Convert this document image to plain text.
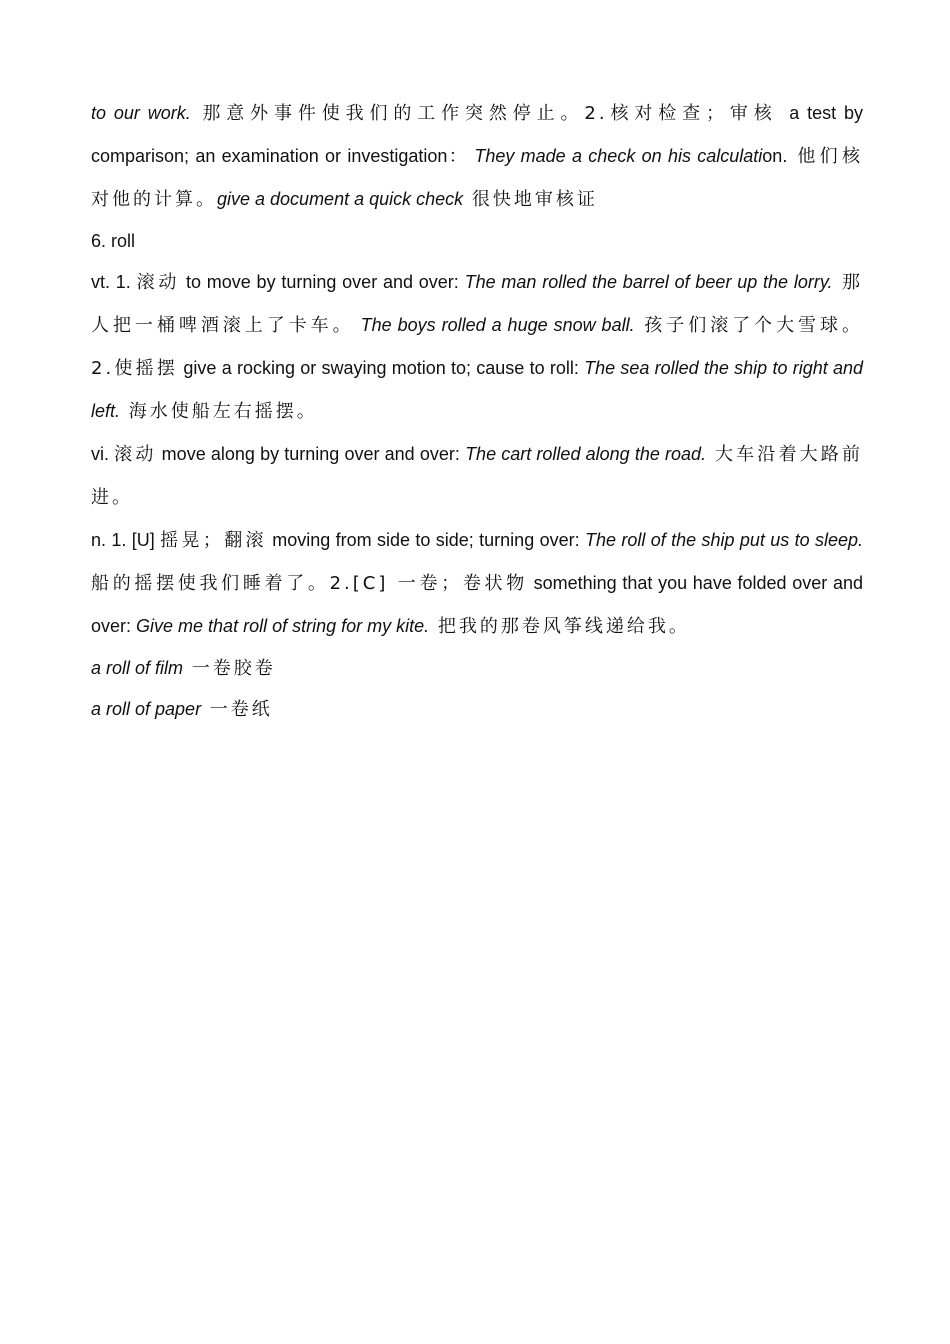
to our work. 那意外事件使我们的工作突然停止。2.核对检查；审核 a test by comparison; an examination or investigation： They made a check on his calculation. 他们核对他的计算。give a document a quick check 很快地审核证

6. roll

vt. 1. 滚动 to move by turning over and over: The man rolled the barrel of beer up the lorry. 那人把一桶啤酒滚上了卡车。 The boys rolled a huge snow ball. 孩子们滚了个大雪球。 2.使摇摆 give a rocking or swaying motion to; cause to roll: The sea rolled the ship to right and left. 海水使船左右摇摆。

vi. 滚动 move along by turning over and over: The cart rolled along the road. 大车沿着大路前进。

n. 1. [U] 摇晃；翻滚 moving from side to side; turning over: The roll of the ship put us to sleep. 船的摇摆使我们睡着了。2.[C] 一卷；卷状物 something that you have folded over and over: Give me that roll of string for my kite. 把我的那卷风筝线递给我。

a roll of film 一卷胶卷

a roll of paper 一卷纸
